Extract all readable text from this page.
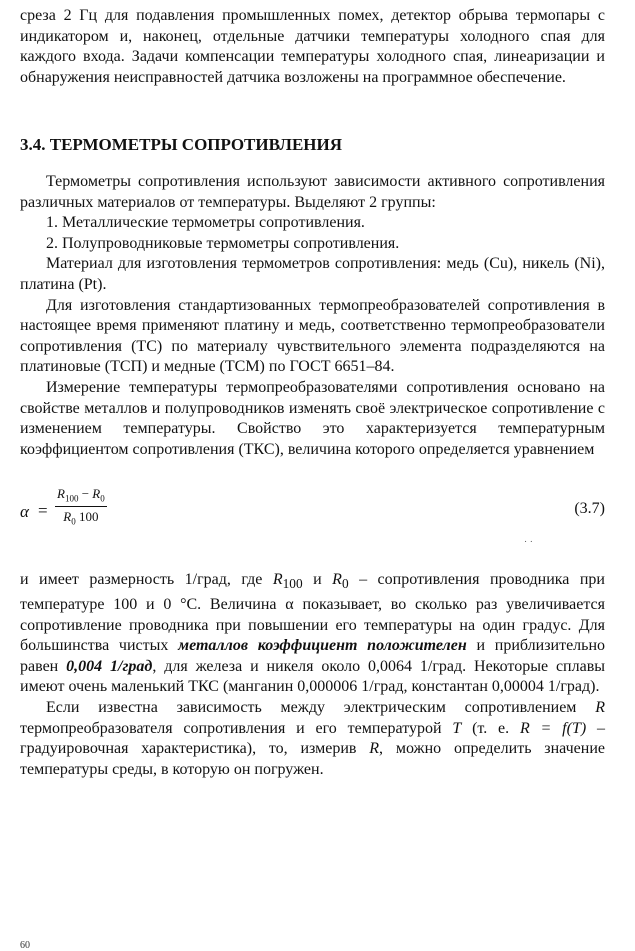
среза 2 Гц для подавления промышленных помех, детектор обрыва термопары с индикатором и, наконец, отдельные датчики температуры холодного спая для каждого входа. Задачи компенсации температуры холодного спая, линеаризации и обнаружения неисправностей датчика возложены на программное обеспечение.

3.4. ТЕРМОМЕТРЫ СОПРОТИВЛЕНИЯ

Термометры сопротивления используют зависимости активного сопротивления различных материалов от температуры. Выделяют 2 группы:

1. Металлические термометры сопротивления.

2. Полупроводниковые термометры сопротивления.

Материал для изготовления термометров сопротивления: медь (Cu), никель (Ni), платина (Pt).

Для изготовления стандартизованных термопреобразователей сопротивления в настоящее время применяют платину и медь, соответственно термопреобразователи сопротивления (ТС) по материалу чувствительного элемента подразделяются на платиновые (ТСП) и медные (ТСМ) по ГОСТ 6651–84.

Измерение температуры термопреобразователями сопротивления основано на свойстве металлов и полупроводников изменять своё электрическое сопротивление с изменением температуры. Свойство это характеризуется температурным коэффициентом сопротивления (ТКС), величина которого определяется уравнением

$\alpha = \frac{R_{100} - R_0}{R_0 100}$	(3.7)
˙ ˙

и имеет размерность 1/град, где $R_{100}$ и $R_0$ – сопротивления проводника при температуре 100 и 0 °С. Величина α показывает, во сколько раз увеличивается сопротивление проводника при повышении его температуры на один градус. Для большинства чистых металлов коэффициент положителен и приблизительно равен 0,004 1/град, для железа и никеля около 0,0064 1/град. Некоторые сплавы имеют очень маленький ТКС (манганин 0,000006 1/град, константан 0,00004 1/град).

Если известна зависимость между электрическим сопротивлением R термопреобразователя сопротивления и его температурой T (т. е. R = f(T) – градуировочная характеристика), то, измерив R, можно определить значение температуры среды, в которую он погружен.

60
